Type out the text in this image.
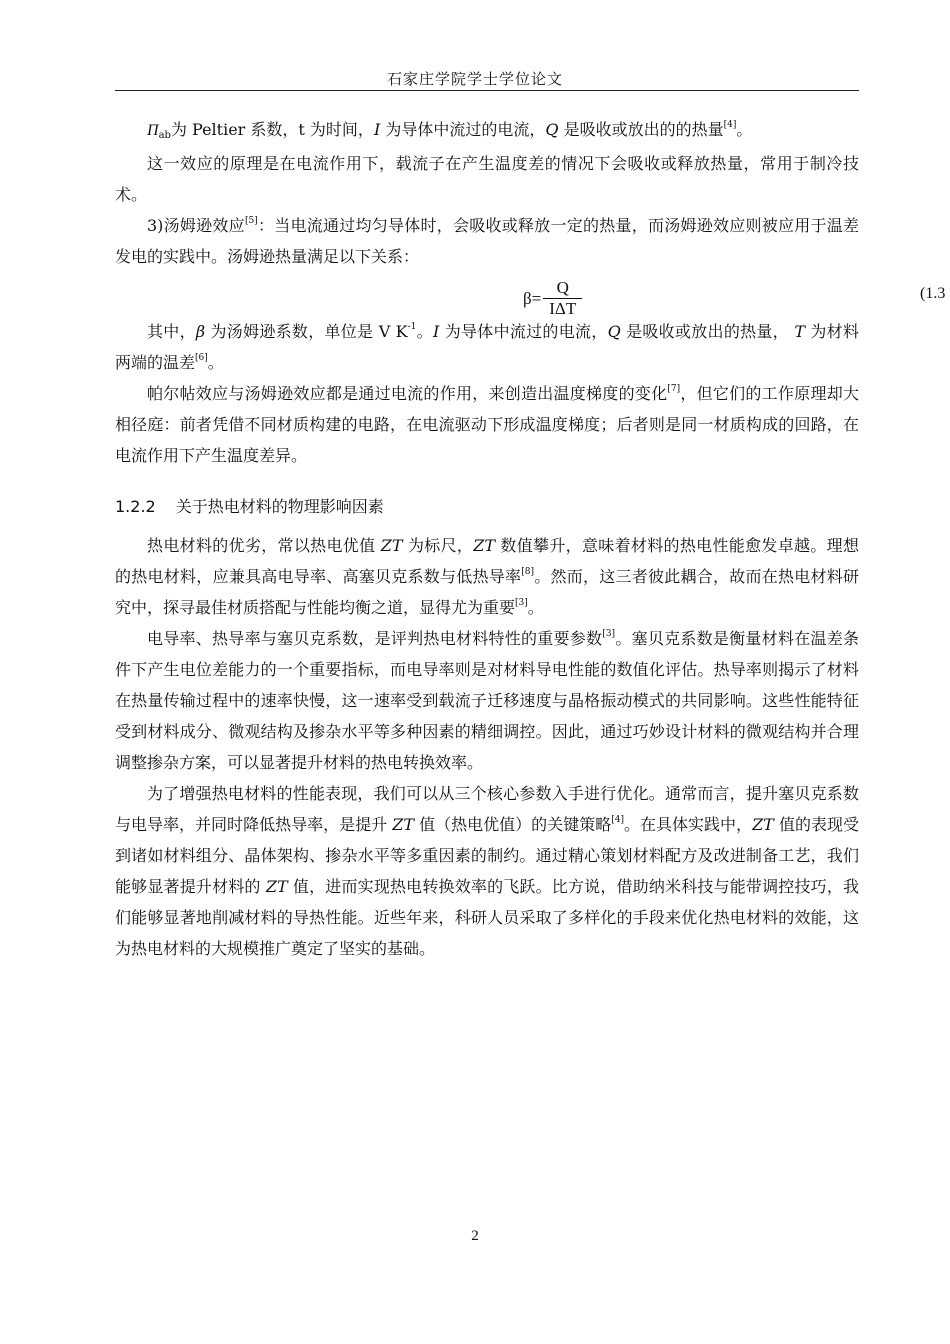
石家庄学院学士学位论文

Πab为 Peltier 系数，t 为时间，I 为导体中流过的电流，Q 是吸收或放出的的热量[4]。

这一效应的原理是在电流作用下，载流子在产生温度差的情况下会吸收或释放热量，常用于制冷技术。

3)汤姆逊效应[5]：当电流通过均匀导体时，会吸收或释放一定的热量，而汤姆逊效应则被应用于温差发电的实践中。汤姆逊热量满足以下关系：

$\beta= \frac{Q}{\text{IΔT}}$	(1.3

其中，β 为汤姆逊系数，单位是 V $K^{-1}$。I 为导体中流过的电流，Q 是吸收或放出的热量， T 为材料两端的温差[6]。

帕尔帖效应与汤姆逊效应都是通过电流的作用，来创造出温度梯度的变化[7]，但它们的工作原理却大相径庭：前者凭借不同材质构建的电路，在电流驱动下形成温度梯度；后者则是同一材质构成的回路，在电流作用下产生温度差异。

1.2.2 关于热电材料的物理影响因素

热电材料的优劣，常以热电优值 ZT 为标尺，ZT 数值攀升，意味着材料的热电性能愈发卓越。理想的热电材料，应兼具高电导率、高塞贝克系数与低热导率[8]。然而，这三者彼此耦合，故而在热电材料研究中，探寻最佳材质搭配与性能均衡之道，显得尤为重要[3]。

电导率、热导率与塞贝克系数，是评判热电材料特性的重要参数[3]。塞贝克系数是衡量材料在温差条件下产生电位差能力的一个重要指标，而电导率则是对材料导电性能的数值化评估。热导率则揭示了材料在热量传输过程中的速率快慢，这一速率受到载流子迁移速度与晶格振动模式的共同影响。这些性能特征受到材料成分、微观结构及掺杂水平等多种因素的精细调控。因此，通过巧妙设计材料的微观结构并合理调整掺杂方案，可以显著提升材料的热电转换效率。

为了增强热电材料的性能表现，我们可以从三个核心参数入手进行优化。通常而言，提升塞贝克系数与电导率，并同时降低热导率，是提升 ZT 值（热电优值）的关键策略[4]。在具体实践中，ZT 值的表现受到诸如材料组分、晶体架构、掺杂水平等多重因素的制约。通过精心策划材料配方及改进制备工艺，我们能够显著提升材料的 ZT 值，进而实现热电转换效率的飞跃。比方说，借助纳米科技与能带调控技巧，我们能够显著地削减材料的导热性能。近些年来，科研人员采取了多样化的手段来优化热电材料的效能，这为热电材料的大规模推广奠定了坚实的基础。

2
